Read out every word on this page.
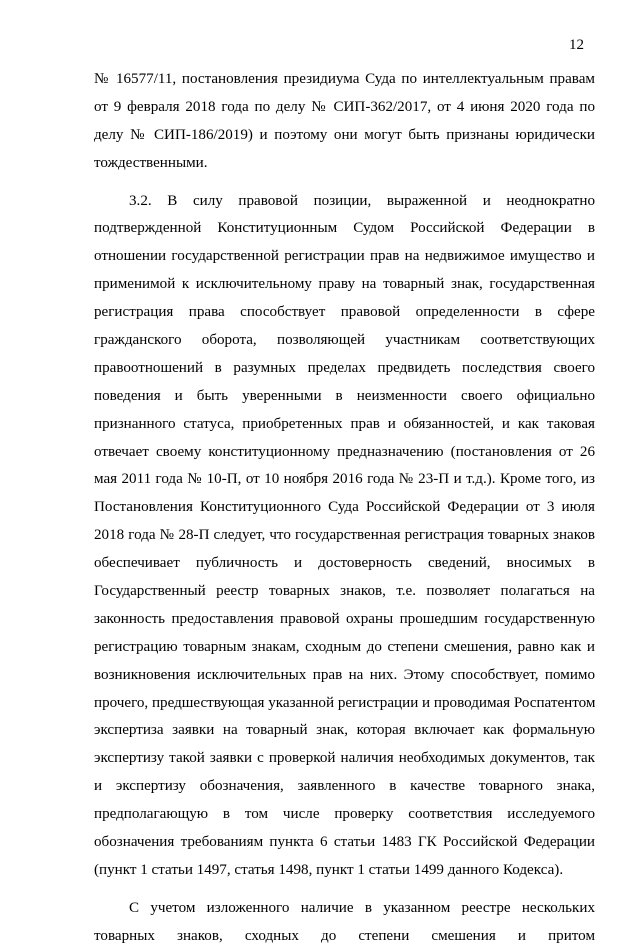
12
№ 16577/11, постановления президиума Суда по интеллектуальным правам
от 9 февраля 2018 года по делу № СИП-362/2017, от 4 июня 2020 года по
делу № СИП-186/2019) и поэтому они могут быть признаны юридически
тождественными.
3.2. В силу правовой позиции, выраженной и неоднократно
подтвержденной Конституционным Судом Российской Федерации в
отношении государственной регистрации прав на недвижимое имущество и
применимой к исключительному праву на товарный знак, государственная
регистрация права способствует правовой определенности в сфере
гражданского оборота, позволяющей участникам соответствующих
правоотношений в разумных пределах предвидеть последствия своего
поведения и быть уверенными в неизменности своего официально
признанного статуса, приобретенных прав и обязанностей, и как таковая
отвечает своему конституционному предназначению (постановления от 26
мая 2011 года № 10-П, от 10 ноября 2016 года № 23-П и т.д.). Кроме того, из
Постановления Конституционного Суда Российской Федерации от 3 июля
2018 года № 28-П следует, что государственная регистрация товарных знаков
обеспечивает публичность и достоверность сведений, вносимых в
Государственный реестр товарных знаков, т.е. позволяет полагаться на
законность предоставления правовой охраны прошедшим государственную
регистрацию товарным знакам, сходным до степени смешения, равно как и
возникновения исключительных прав на них. Этому способствует, помимо
прочего, предшествующая указанной регистрации и проводимая Роспатентом
экспертиза заявки на товарный знак, которая включает как формальную
экспертизу такой заявки с проверкой наличия необходимых документов, так
и экспертизу обозначения, заявленного в качестве товарного знака,
предполагающую в том числе проверку соответствия исследуемого
обозначения требованиям пункта 6 статьи 1483 ГК Российской Федерации
(пункт 1 статьи 1497, статья 1498, пункт 1 статьи 1499 данного Кодекса).
С учетом изложенного наличие в указанном реестре нескольких
товарных знаков, сходных до степени смешения и притом
